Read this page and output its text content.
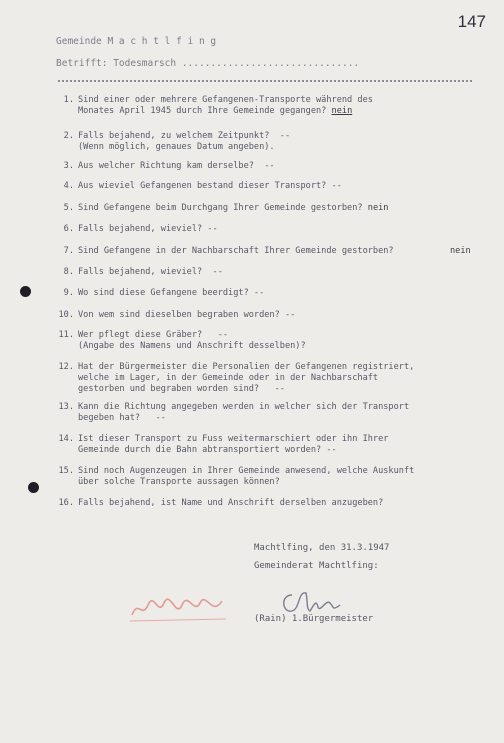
147
Gemeinde M a c h t l f i n g
Betrifft: Todesmarsch ...............................
1. Sind einer oder mehrere Gefangenen-Transporte während des
Monates April 1945 durch Ihre Gemeinde gegangen? nein
2. Falls bejahend, zu welchem Zeitpunkt?  --
(Wenn möglich, genaues Datum angeben).
3. Aus welcher Richtung kam derselbe?  --
4. Aus wieviel Gefangenen bestand dieser Transport? --
5. Sind Gefangene beim Durchgang Ihrer Gemeinde gestorben? nein
6. Falls bejahend, wieviel? --
7. Sind Gefangene in der Nachbarschaft Ihrer Gemeinde gestorben?	nein
8. Falls bejahend, wieviel?  --
9. Wo sind diese Gefangene beerdigt? --
10. Von wem sind dieselben begraben worden? --
11. Wer pflegt diese Gräber?   --
(Angabe des Namens und Anschrift desselben)?
12. Hat der Bürgermeister die Personalien der Gefangenen registriert,
welche im Lager, in der Gemeinde oder in der Nachbarschaft
gestorben und begraben worden sind?   --
13. Kann die Richtung angegeben werden in welcher sich der Transport
begeben hat?   --
14. Ist dieser Transport zu Fuss weitermarschiert oder ihn Ihrer
Gemeinde durch die Bahn abtransportiert worden? --
15. Sind noch Augenzeugen in Ihrer Gemeinde anwesend, welche Auskunft
über solche Transporte aussagen können?
16. Falls bejahend, ist Name und Anschrift derselben anzugeben?
Machtlfing, den 31.3.1947
Gemeinderat Machtlfing:
(Rain) 1.Bürgermeister
